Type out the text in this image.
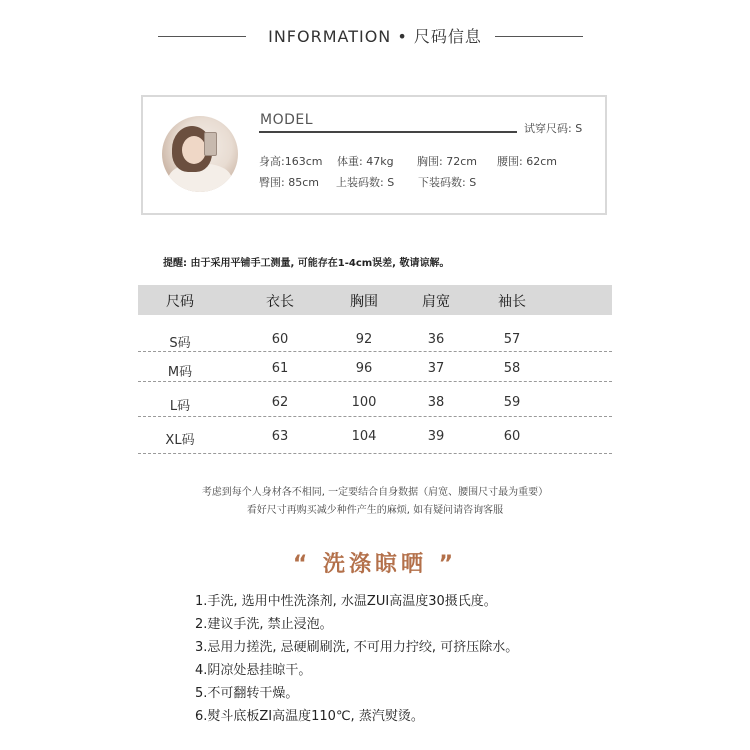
INFORMATION • 尺码信息
MODEL
试穿尺码: S
身高:163cm 体重: 47kg 胸围: 72cm 腰围: 62cm
臀围: 85cm 上装码数: S 下装码数: S
提醒: 由于采用平铺手工测量, 可能存在1-4cm误差, 敬请谅解。
尺码	衣长	胸围	肩宽	袖长
S码	60	92	36	57
M码	61	96	37	58
L码	62	100	38	59
XL码	63	104	39	60
考虑到每个人身材各不相同, 一定要结合自身数据（肩宽、腰围尺寸最为重要）
看好尺寸再购买减少种件产生的麻烦, 如有疑问请咨询客服
“ 洗涤晾晒 ”
1.手洗, 选用中性洗涤剂, 水温ZUI高温度30摄氏度。
2.建议手洗, 禁止浸泡。
3.忌用力搓洗, 忌硬刷刷洗, 不可用力拧绞, 可挤压除水。
4.阴凉处悬挂晾干。
5.不可翻转干燥。
6.熨斗底板ZI高温度110℃, 蒸汽熨烫。
